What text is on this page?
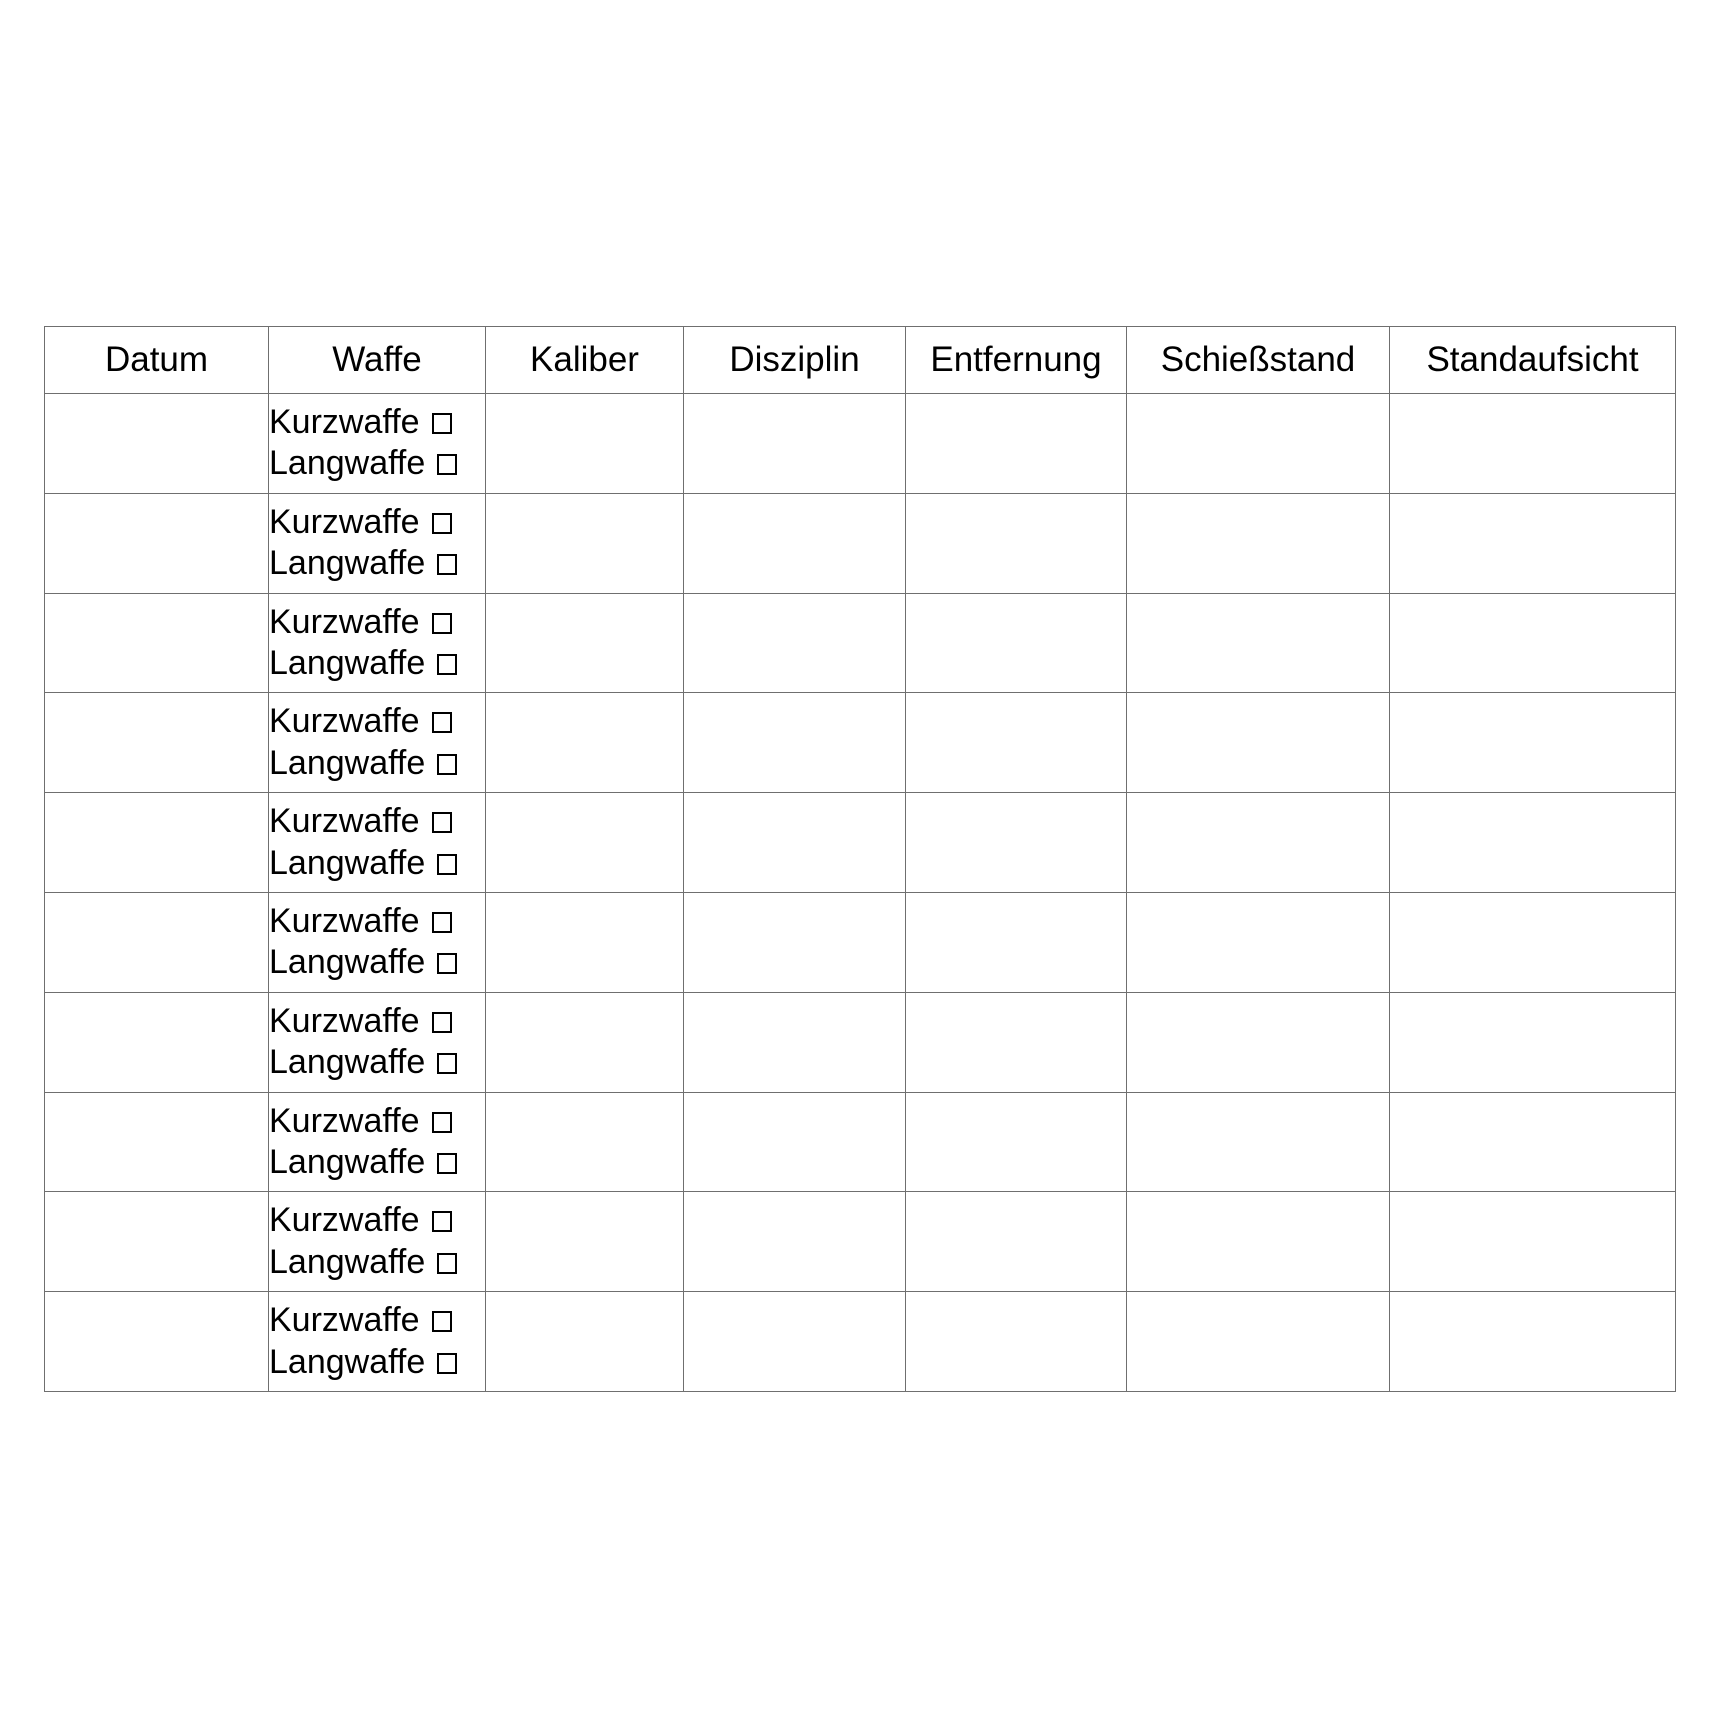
Datum	Waffe	Kaliber	Disziplin	Entfernung	Schießstand	Standaufsicht

	Kurzwaffe
Langwaffe					

	Kurzwaffe
Langwaffe					

	Kurzwaffe
Langwaffe					

	Kurzwaffe
Langwaffe					

	Kurzwaffe
Langwaffe					

	Kurzwaffe
Langwaffe					

	Kurzwaffe
Langwaffe					

	Kurzwaffe
Langwaffe					

	Kurzwaffe
Langwaffe					

	Kurzwaffe
Langwaffe					
